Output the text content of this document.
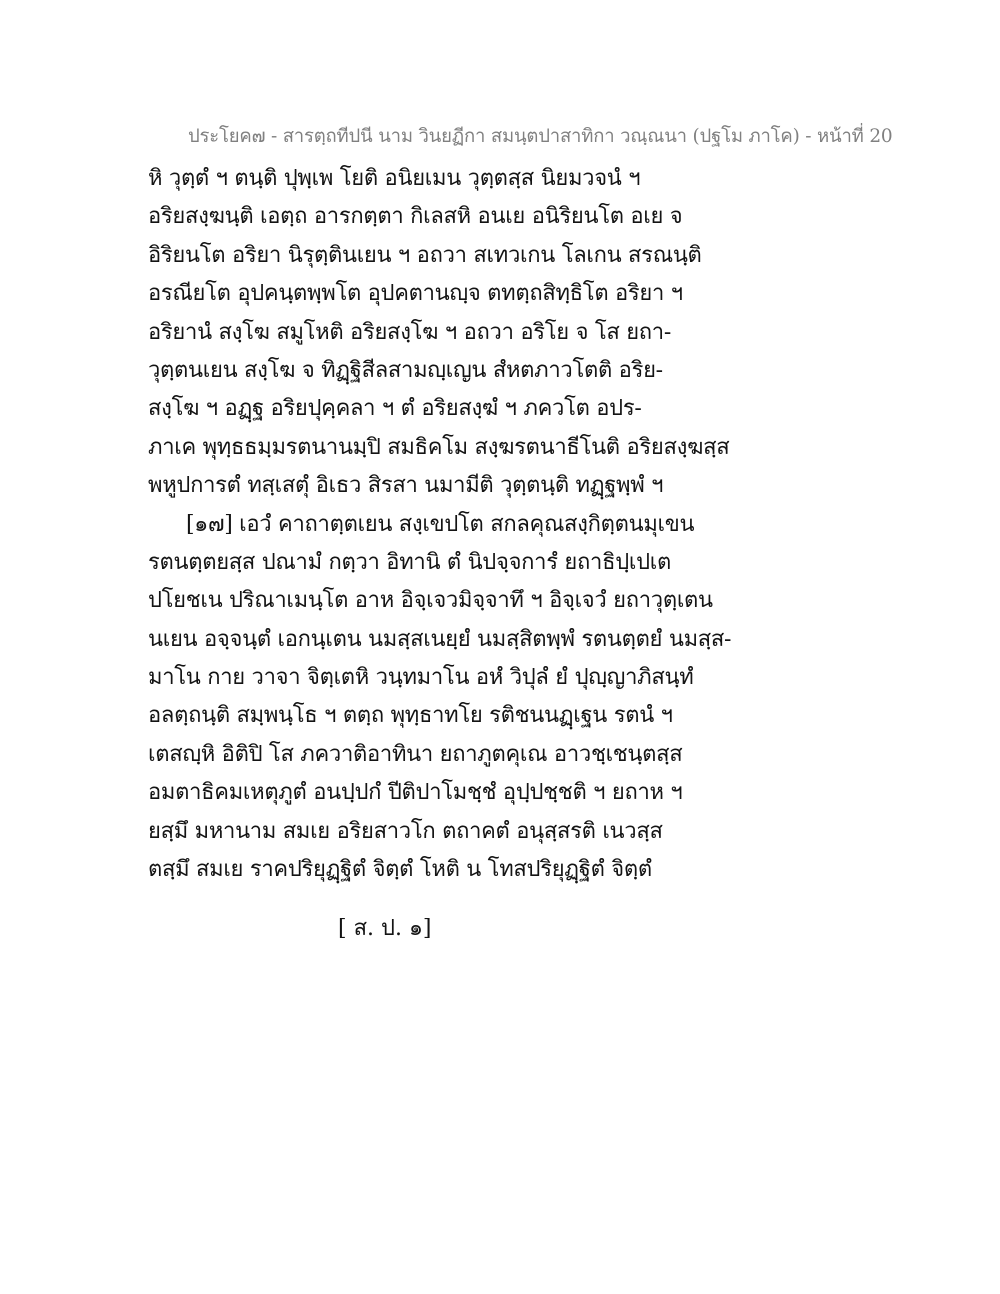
ประโยค๗ - สารตฺถทีปนี นาม วินยฏีกา สมนฺตปาสาทิกา วณฺณนา (ปฐโม ภาโค) - หน้าที่ 20
หิ วุตฺตํ ฯ ตนฺติ ปุพฺเพ โยติ อนิยเมน วุตฺตสฺส นิยมวจนํ ฯ
อริยสงฺฆนฺติ เอตฺถ อารกตฺตา กิเลสหิ อนเย อนิริยนโต อเย จ
อิริยนโต อริยา นิรุตฺตินเยน ฯ อถวา สเทวเกน โลเกน สรณนฺติ
อรณียโต อุปคนฺตพฺพโต อุปคตานญฺจ ตทตฺถสิทฺธิโต อริยา ฯ
อริยานํ สงฺโฆ สมูโหติ อริยสงฺโฆ ฯ อถวา อริโย จ โส ยถา-
วุตฺตนเยน สงฺโฆ จ ทิฏฺฐิสีลสามญฺเญน สํหตภาวโตติ อริย-
สงฺโฆ ฯ อฏฺฐ อริยปุคฺคลา ฯ ตํ อริยสงฺฆํ ฯ ภควโต อปร-
ภาเค พุทฺธธมฺมรตนานมฺปิ สมธิคโม สงฺฆรตนาธีโนติ อริยสงฺฆสฺส
พหูปการตํ ทสฺเสตุํ อิเธว สิรสา นมามีติ วุตฺตนฺติ ทฏฺฐพฺพํ ฯ
[๑๗] เอวํ คาถาตฺตเยน สงฺเขปโต สกลคุณสงฺกิตฺตนมุเขน
รตนตฺตยสฺส ปณามํ กตฺวา อิทานิ ตํ นิปจฺจการํ ยถาธิปฺเปเต
ปโยชเน ปริณาเมนฺโต อาห อิจฺเจวมิจฺจาทึ ฯ อิจฺเจวํ ยถาวุตฺเตน
นเยน อจฺจนฺตํ เอกนฺเตน นมสฺสเนยฺยํ นมสฺสิตพฺพํ รตนตฺตยํ นมสฺส-
มาโน กาย วาจา จิตฺเตหิ วนฺทมาโน อหํ วิปุลํ ยํ ปุญฺญาภิสนฺทํ
อลตฺถนฺติ สมฺพนฺโธ ฯ ตตฺถ พุทฺธาทโย รติชนนฏฺเฐน รตนํ ฯ
เตสญฺหิ อิติปิ โส ภควาติอาทินา ยถาภูตคุเณ อาวชฺเชนฺตสฺส
อมตาธิคมเหตุภูตํ อนปฺปกํ ปีติปาโมชฺชํ อุปฺปชฺชติ ฯ ยถาห ฯ
ยสฺมึ มหานาม สมเย อริยสาวโก ตถาคตํ อนุสฺสรติ เนวสฺส
ตสฺมึ สมเย ราคปริยุฏฺฐิตํ จิตฺตํ โหติ น โทสปริยุฏฺฐิตํ จิตฺตํ
[ ส. ป. ๑]
